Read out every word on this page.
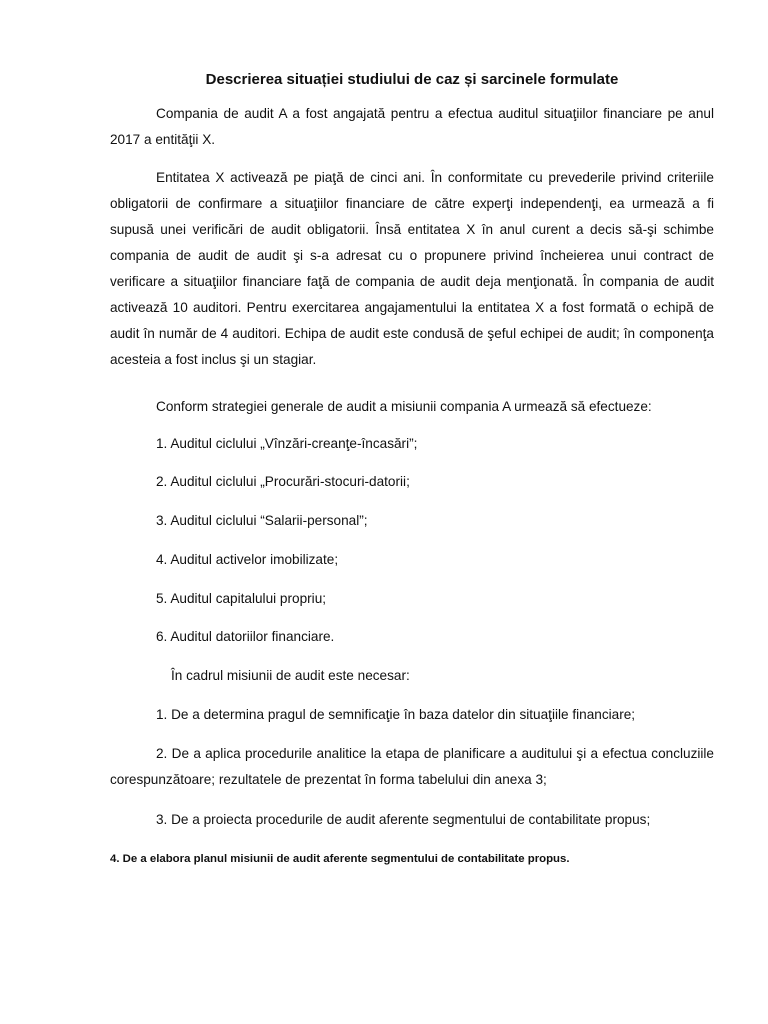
Descrierea situației studiului de caz și sarcinele formulate
Compania de audit A a fost angajată pentru a efectua auditul situaţiilor financiare pe anul 2017 a entităţii X.
Entitatea X activează pe piaţă de cinci ani. În conformitate cu prevederile privind criteriile obligatorii de confirmare a situaţiilor financiare de către experţi independenţi, ea urmează a fi supusă unei verificări de audit obligatorii. Însă entitatea X în anul curent a decis să-şi schimbe compania de audit de audit şi s-a adresat cu o propunere privind încheierea unui contract de verificare a situaţiilor financiare faţă de compania de audit deja menţionată. În compania de audit activează 10 auditori. Pentru exercitarea angajamentului la entitatea X a fost formată o echipă de audit în număr de 4 auditori. Echipa de audit este condusă de şeful echipei de audit; în componenţa acesteia a fost inclus şi un stagiar.
Conform strategiei generale de audit a misiunii compania A urmează să efectueze:
1. Auditul ciclului „Vînzări-creanţe-încasări”;
2. Auditul ciclului „Procurări-stocuri-datorii;
3. Auditul ciclului “Salarii-personal”;
4. Auditul activelor imobilizate;
5. Auditul capitalului propriu;
6. Auditul datoriilor financiare.
În cadrul misiunii de audit este necesar:
1. De a determina pragul de semnificaţie în baza datelor din situaţiile financiare;
2. De a aplica procedurile analitice la etapa de planificare a auditului şi a efectua concluziile corespunzătoare; rezultatele de prezentat în forma tabelului din anexa 3;
3. De a proiecta procedurile de audit aferente segmentului de contabilitate propus;
4. De a elabora planul misiunii de audit aferente segmentului de contabilitate propus.
